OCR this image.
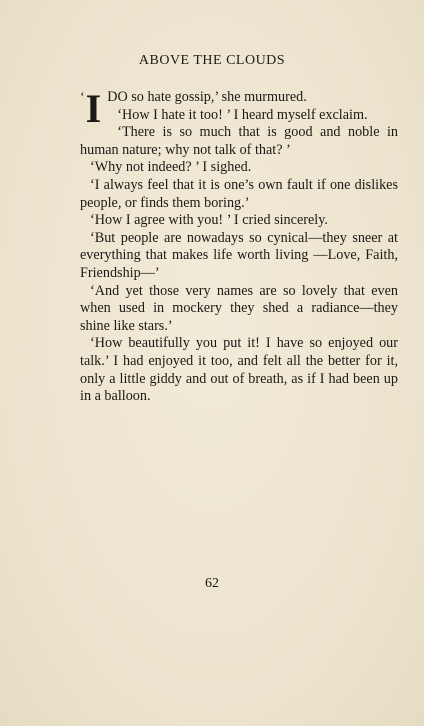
ABOVE THE CLOUDS

‘ I DO so hate gossip,’ she murmured.

‘How I hate it too! ’ I heard myself exclaim.

‘There is so much that is good and noble in human nature; why not talk of that? ’

‘Why not indeed? ’ I sighed.

‘I always feel that it is one’s own fault if one dislikes people, or finds them boring.’

‘How I agree with you! ’ I cried sincerely.

‘But people are nowadays so cynical—they sneer at everything that makes life worth living —Love, Faith, Friendship—’

‘And yet those very names are so lovely that even when used in mockery they shed a radiance—they shine like stars.’

‘How beautifully you put it! I have so enjoyed our talk.’ I had enjoyed it too, and felt all the better for it, only a little giddy and out of breath, as if I had been up in a balloon.

62
